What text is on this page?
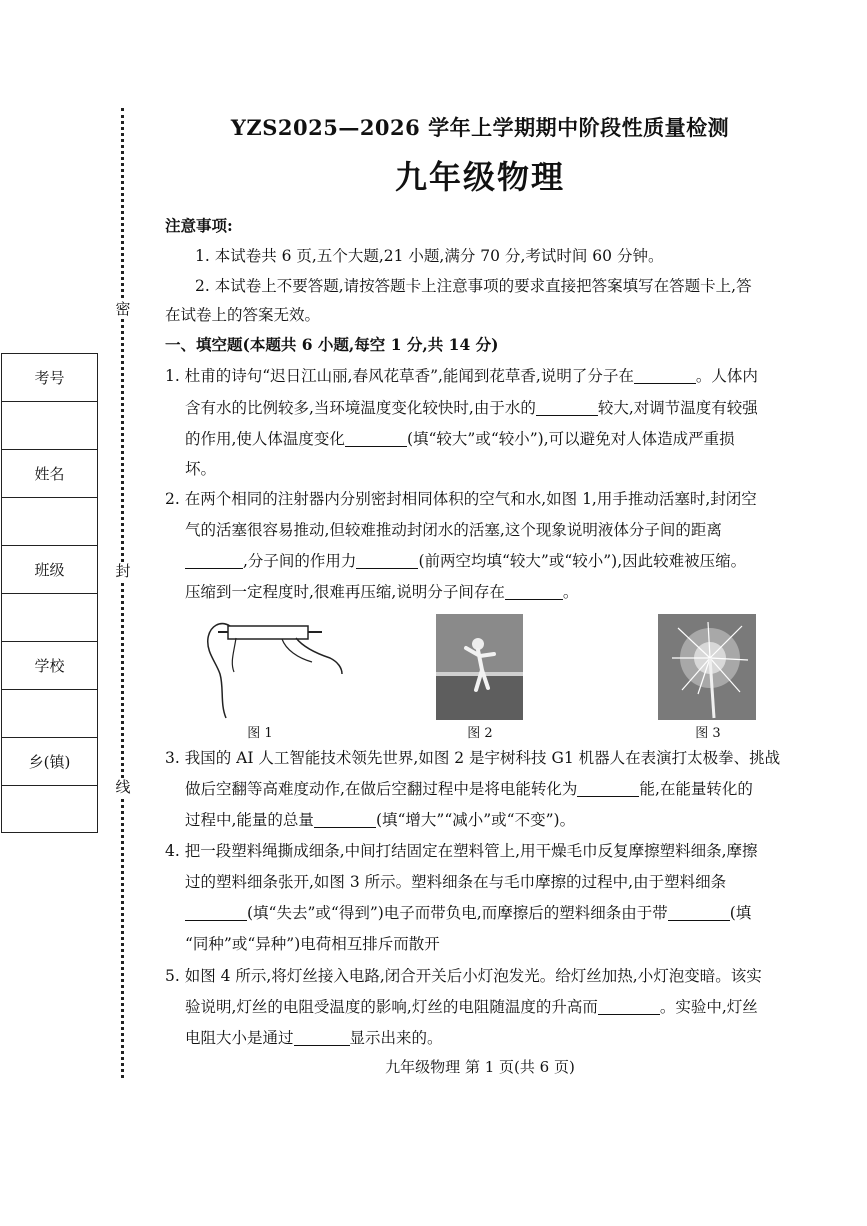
密
封
线
考号
姓名
班级
学校
乡(镇)
YZS2025—2026 学年上学期期中阶段性质量检测
九年级物理
注意事项:
1. 本试卷共 6 页,五个大题,21 小题,满分 70 分,考试时间 60 分钟。
2. 本试卷上不要答题,请按答题卡上注意事项的要求直接把答案填写在答题卡上,答
在试卷上的答案无效。
一、填空题(本题共 6 小题,每空 1 分,共 14 分)
1. 杜甫的诗句“迟日江山丽,春风花草香”,能闻到花草香,说明了分子在	。人体内
含有水的比例较多,当环境温度变化较快时,由于水的	较大,对调节温度有较强
的作用,使人体温度变化	(填“较大”或“较小”),可以避免对人体造成严重损
坏。
2. 在两个相同的注射器内分别密封相同体积的空气和水,如图 1,用手推动活塞时,封闭空
气的活塞很容易推动,但较难推动封闭水的活塞,这个现象说明液体分子间的距离
,分子间的作用力	(前两空均填“较大”或“较小”),因此较难被压缩。
压缩到一定程度时,很难再压缩,说明分子间存在	。
图 1	图 2	图 3
3. 我国的 AI 人工智能技术领先世界,如图 2 是宇树科技 G1 机器人在表演打太极拳、挑战
做后空翻等高难度动作,在做后空翻过程中是将电能转化为	能,在能量转化的
过程中,能量的总量	(填“增大”“减小”或“不变”)。
4. 把一段塑料绳撕成细条,中间打结固定在塑料管上,用干燥毛巾反复摩擦塑料细条,摩擦
过的塑料细条张开,如图 3 所示。塑料细条在与毛巾摩擦的过程中,由于塑料细条
(填“失去”或“得到”)电子而带负电,而摩擦后的塑料细条由于带	(填
“同种”或“异种”)电荷相互排斥而散开
5. 如图 4 所示,将灯丝接入电路,闭合开关后小灯泡发光。给灯丝加热,小灯泡变暗。该实
验说明,灯丝的电阻受温度的影响,灯丝的电阻随温度的升高而	。实验中,灯丝
电阻大小是通过	显示出来的。
九年级物理 第 1 页(共 6 页)
